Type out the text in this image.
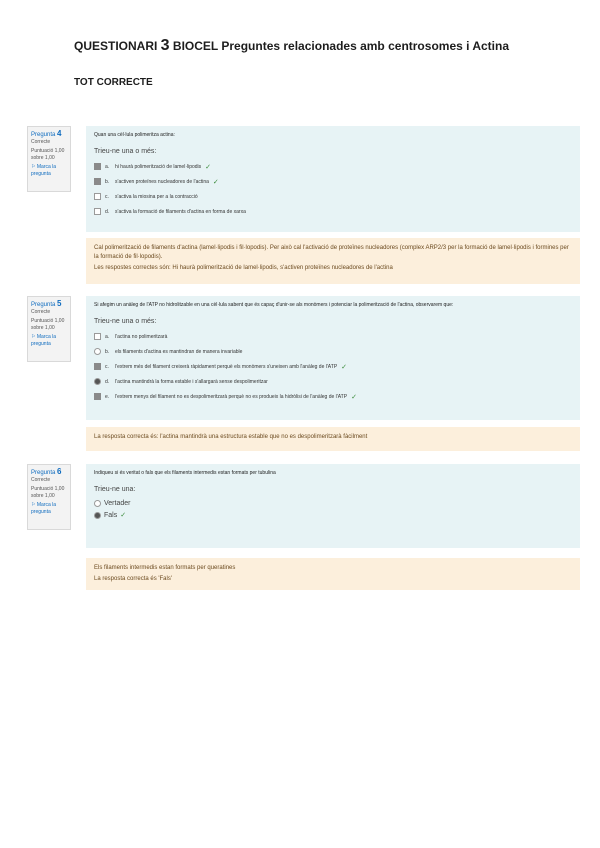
QUESTIONARI 3 BIOCEL Preguntes relacionades amb centrosomes i Actina
TOT CORRECTE
Pregunta 4
Correcte
Puntuació 1,00 sobre 1,00
⚐ Marca la pregunta

Quan una cèl·lula polimeritza actina:

Trieu-ne una o més:

a.	hi haurà polimerització de lamel·lipodis ✓
b.	s'activen proteïnes nucleadores de l'actina ✓
c.	s'activa la miosina per a la contracció
d.	s'activa la formació de filaments d'actina en forma de xarxa
Cal polimerització de filaments d'actina (lamel·lipodis i fil·lopodis). Per això cal l'activació de proteïnes nucleadores (complex ARP2/3 per la formació de lamel·lipodis i formines per la formació de fil·lopodis).
Les respostes correctes són: Hi haurà polimerització de lamel·lipodis, s'activen proteïnes nucleadores de l'actina
Pregunta 5
Correcte
Puntuació 1,00 sobre 1,00
⚐ Marca la pregunta

Si afegim un anàleg de l'ATP no hidrolitzable en una cèl·lula sabent que és capaç d'unir-se als monòmers i potenciar la polimerització de l'actina, observarem que:

Trieu-ne una o més:

a.	l'actina no polimeritzarà
b.	els filaments d'actina es mantindran de manera invariable
c.	l'extrem més del filament creixerà ràpidament perquè els monòmers s'uneixen amb l'anàleg de l'ATP ✓
d.	l'actina mantindrà la forma estable i s'allargarà sense despolimeritzar
e.	l'extrem menys del filament no es despolimeritzarà perquè no es produeix la hidròlisi de l'anàleg de l'ATP ✓
La resposta correcta és: l'actina mantindrà una estructura estable que no es despolimeritzarà fàcilment
Pregunta 6
Correcte
Puntuació 1,00 sobre 1,00
⚐ Marca la pregunta

Indiqueu si és veritat o fals que els filaments intermedis estan formats per tubulina

Trieu-ne una:

Vertader
Fals ✓
Els filaments intermedis estan formats per queratines
La resposta correcta és 'Fals'
